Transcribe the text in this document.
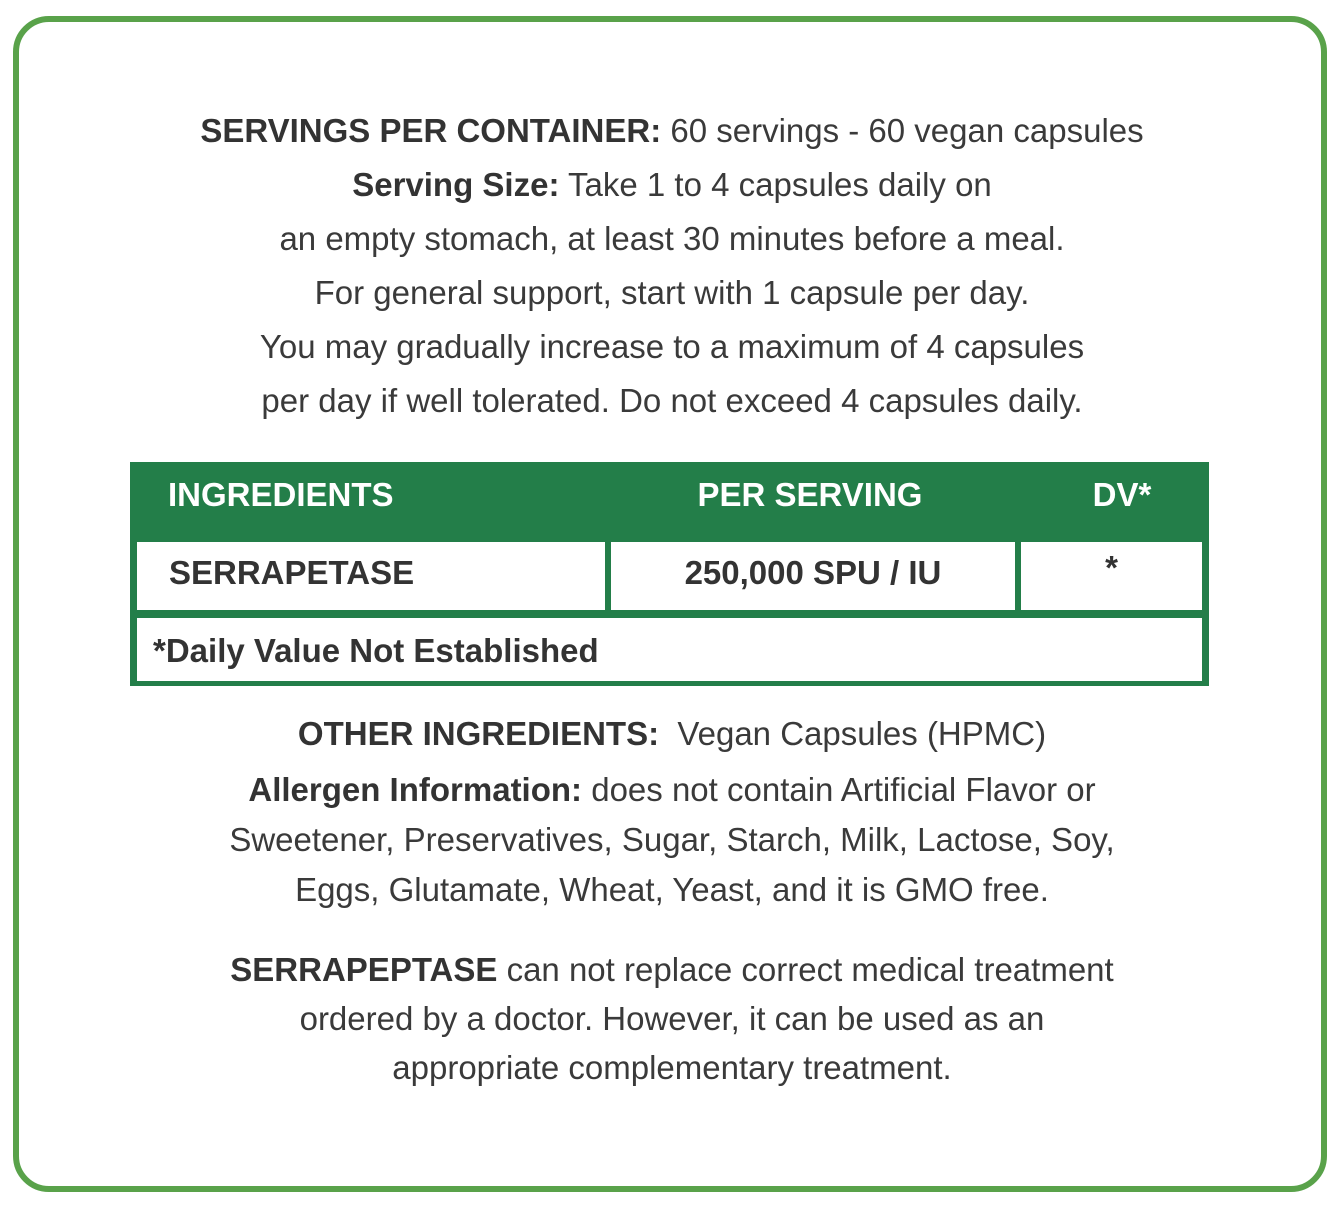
SERVINGS PER CONTAINER: 60 servings - 60 vegan capsules
Serving Size: Take 1 to 4 capsules daily on
an empty stomach, at least 30 minutes before a meal.
For general support, start with 1 capsule per day.
You may gradually increase to a maximum of 4 capsules
per day if well tolerated. Do not exceed 4 capsules daily.
INGREDIENTS	PER SERVING	DV*
SERRAPETASE	250,000 SPU / IU	*
*Daily Value Not Established
OTHER INGREDIENTS:  Vegan Capsules (HPMC)
Allergen Information: does not contain Artificial Flavor or
Sweetener, Preservatives, Sugar, Starch, Milk, Lactose, Soy,
Eggs, Glutamate, Wheat, Yeast, and it is GMO free.
SERRAPEPTASE can not replace correct medical treatment
ordered by a doctor. However, it can be used as an
appropriate complementary treatment.
